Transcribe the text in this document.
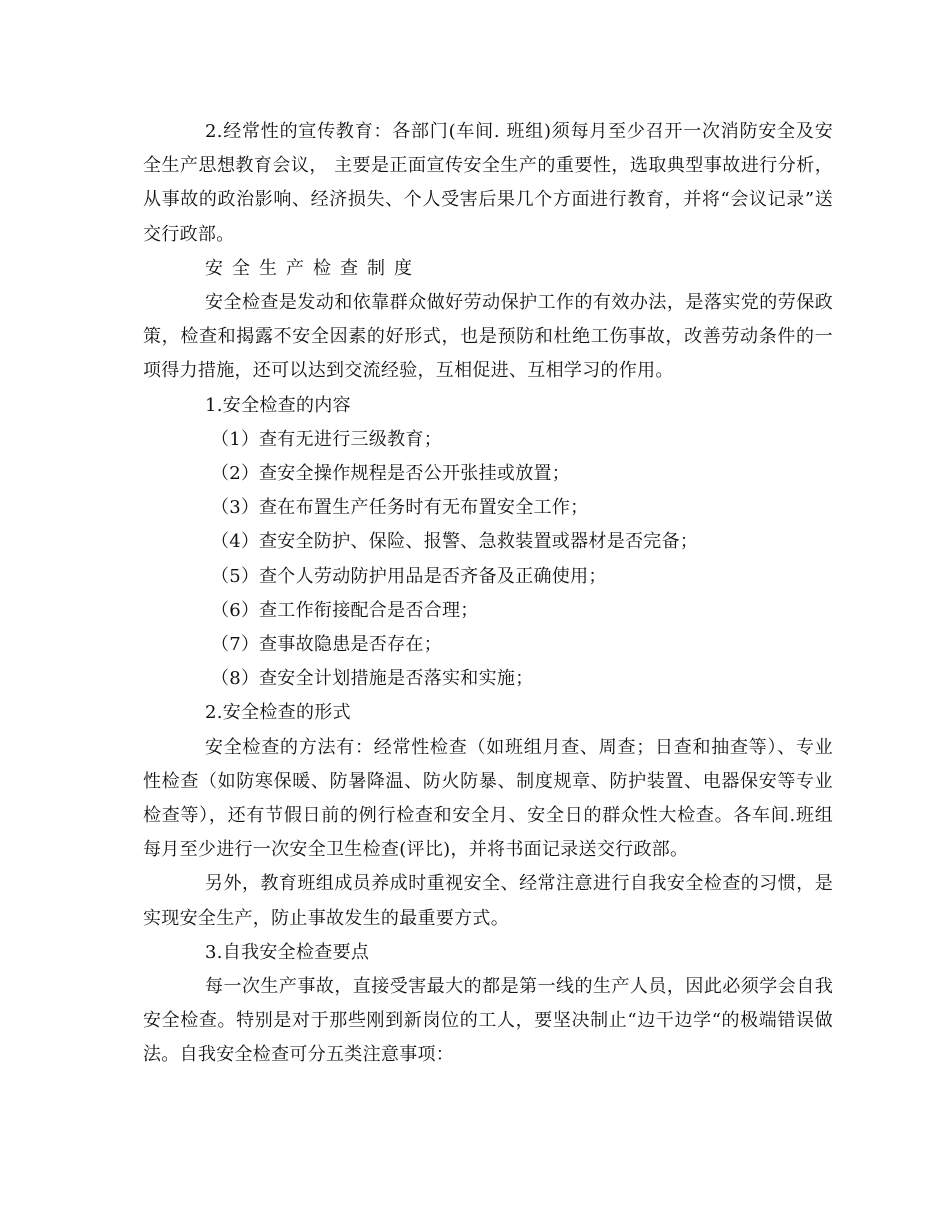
2.经常性的宣传教育：各部门(车间. 班组)须每月至少召开一次消防安全及安全生产思想教育会议， 主要是正面宣传安全生产的重要性，选取典型事故进行分析，从事故的政治影响、经济损失、个人受害后果几个方面进行教育，并将“会议记录”送交行政部。

安全生产检查制度

安全检查是发动和依靠群众做好劳动保护工作的有效办法，是落实党的劳保政策，检查和揭露不安全因素的好形式，也是预防和杜绝工伤事故，改善劳动条件的一项得力措施，还可以达到交流经验，互相促进、互相学习的作用。

1.安全检查的内容

（1）查有无进行三级教育；

（2）查安全操作规程是否公开张挂或放置；

（3）查在布置生产任务时有无布置安全工作；

（4）查安全防护、保险、报警、急救装置或器材是否完备；

（5）查个人劳动防护用品是否齐备及正确使用；

（6）查工作衔接配合是否合理；

（7）查事故隐患是否存在；

（8）查安全计划措施是否落实和实施；

2.安全检查的形式

安全检查的方法有：经常性检查（如班组月查、周查；日查和抽查等）、专业性检查（如防寒保暖、防暑降温、防火防暴、制度规章、防护装置、电器保安等专业检查等），还有节假日前的例行检查和安全月、安全日的群众性大检查。各车间.班组每月至少进行一次安全卫生检查(评比)，并将书面记录送交行政部。

另外，教育班组成员养成时重视安全、经常注意进行自我安全检查的习惯，是实现安全生产，防止事故发生的最重要方式。

3.自我安全检查要点

每一次生产事故，直接受害最大的都是第一线的生产人员，因此必须学会自我安全检查。特别是对于那些刚到新岗位的工人，要坚决制止“边干边学“的极端错误做法。自我安全检查可分五类注意事项：
